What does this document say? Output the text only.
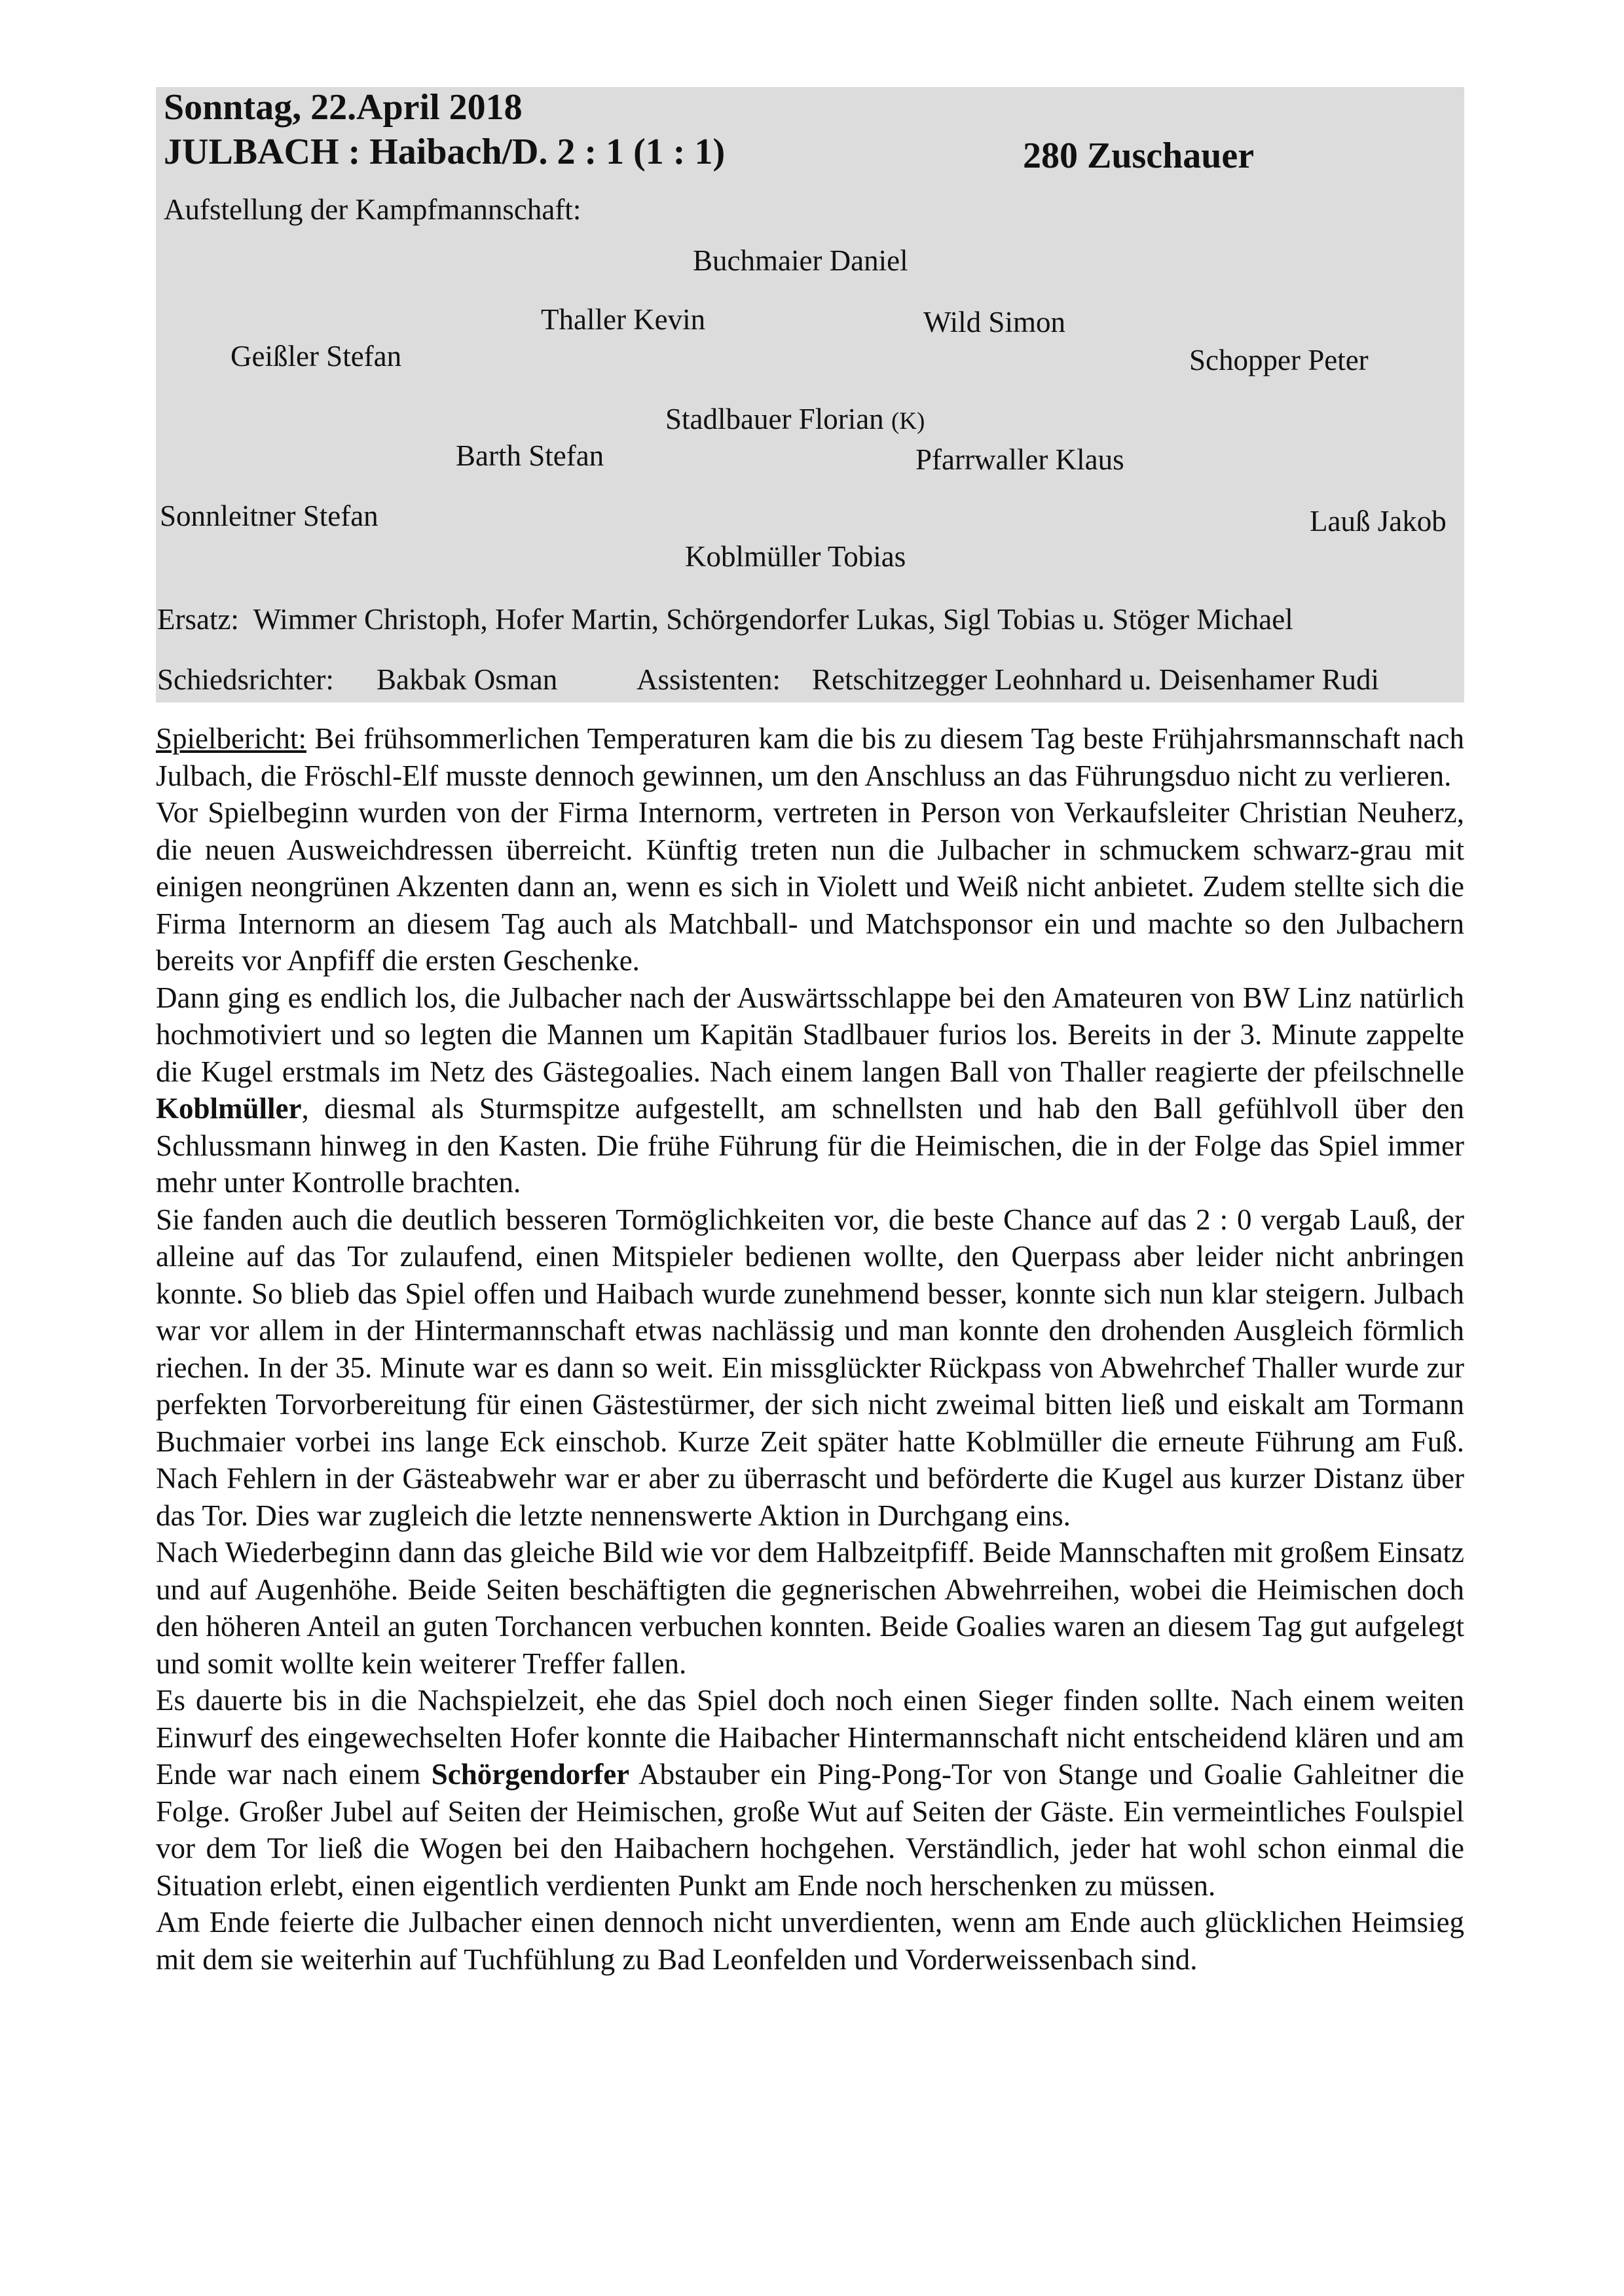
Sonntag, 22.April 2018
JULBACH : Haibach/D. 2 : 1 (1 : 1)	280 Zuschauer
Aufstellung der Kampfmannschaft:
Buchmaier Daniel
Thaller Kevin	Wild Simon
Geißler Stefan	Schopper Peter
Stadlbauer Florian (K)
Barth Stefan	Pfarrwaller Klaus
Sonnleitner Stefan	Lauß Jakob
Koblmüller Tobias
Ersatz: Wimmer Christoph, Hofer Martin, Schörgendorfer Lukas, Sigl Tobias u. Stöger Michael
Schiedsrichter: Bakbak Osman	Assistenten: Retschitzegger Leohnhard u. Deisenhamer Rudi

Spielbericht: Bei frühsommerlichen Temperaturen kam die bis zu diesem Tag beste Frühjahrsmannschaft nach Julbach, die Fröschl-Elf musste dennoch gewinnen, um den Anschluss an das Führungsduo nicht zu verlieren.

Vor Spielbeginn wurden von der Firma Internorm, vertreten in Person von Verkaufsleiter Christian Neuherz, die neuen Ausweichdressen überreicht. Künftig treten nun die Julbacher in schmuckem schwarz-grau mit einigen neongrünen Akzenten dann an, wenn es sich in Violett und Weiß nicht anbietet. Zudem stellte sich die Firma Internorm an diesem Tag auch als Matchball- und Matchsponsor ein und machte so den Julbachern bereits vor Anpfiff die ersten Geschenke.

Dann ging es endlich los, die Julbacher nach der Auswärtsschlappe bei den Amateuren von BW Linz natürlich hochmotiviert und so legten die Mannen um Kapitän Stadlbauer furios los. Bereits in der 3. Minute zappelte die Kugel erstmals im Netz des Gästegoalies. Nach einem langen Ball von Thaller reagierte der pfeilschnelle Koblmüller, diesmal als Sturmspitze aufgestellt, am schnellsten und hab den Ball gefühlvoll über den Schlussmann hinweg in den Kasten. Die frühe Führung für die Heimischen, die in der Folge das Spiel immer mehr unter Kontrolle brachten.

Sie fanden auch die deutlich besseren Tormöglichkeiten vor, die beste Chance auf das 2 : 0 vergab Lauß, der alleine auf das Tor zulaufend, einen Mitspieler bedienen wollte, den Querpass aber leider nicht anbringen konnte. So blieb das Spiel offen und Haibach wurde zunehmend besser, konnte sich nun klar steigern. Julbach war vor allem in der Hintermannschaft etwas nachlässig und man konnte den drohenden Ausgleich förmlich riechen. In der 35. Minute war es dann so weit. Ein missglückter Rückpass von Abwehrchef Thaller wurde zur perfekten Torvorbereitung für einen Gästestürmer, der sich nicht zweimal bitten ließ und eiskalt am Tormann Buchmaier vorbei ins lange Eck einschob. Kurze Zeit später hatte Koblmüller die erneute Führung am Fuß. Nach Fehlern in der Gästeabwehr war er aber zu überrascht und beförderte die Kugel aus kurzer Distanz über das Tor. Dies war zugleich die letzte nennenswerte Aktion in Durchgang eins.

Nach Wiederbeginn dann das gleiche Bild wie vor dem Halbzeitpfiff. Beide Mannschaften mit großem Einsatz und auf Augenhöhe. Beide Seiten beschäftigten die gegnerischen Abwehrreihen, wobei die Heimischen doch den höheren Anteil an guten Torchancen verbuchen konnten. Beide Goalies waren an diesem Tag gut aufgelegt und somit wollte kein weiterer Treffer fallen.

Es dauerte bis in die Nachspielzeit, ehe das Spiel doch noch einen Sieger finden sollte. Nach einem weiten Einwurf des eingewechselten Hofer konnte die Haibacher Hintermannschaft nicht entscheidend klären und am Ende war nach einem Schörgendorfer Abstauber ein Ping-Pong-Tor von Stange und Goalie Gahleitner die Folge. Großer Jubel auf Seiten der Heimischen, große Wut auf Seiten der Gäste. Ein vermeintliches Foulspiel vor dem Tor ließ die Wogen bei den Haibachern hochgehen. Verständlich, jeder hat wohl schon einmal die Situation erlebt, einen eigentlich verdienten Punkt am Ende noch herschenken zu müssen.

Am Ende feierte die Julbacher einen dennoch nicht unverdienten, wenn am Ende auch glücklichen Heimsieg mit dem sie weiterhin auf Tuchfühlung zu Bad Leonfelden und Vorderweissenbach sind.
